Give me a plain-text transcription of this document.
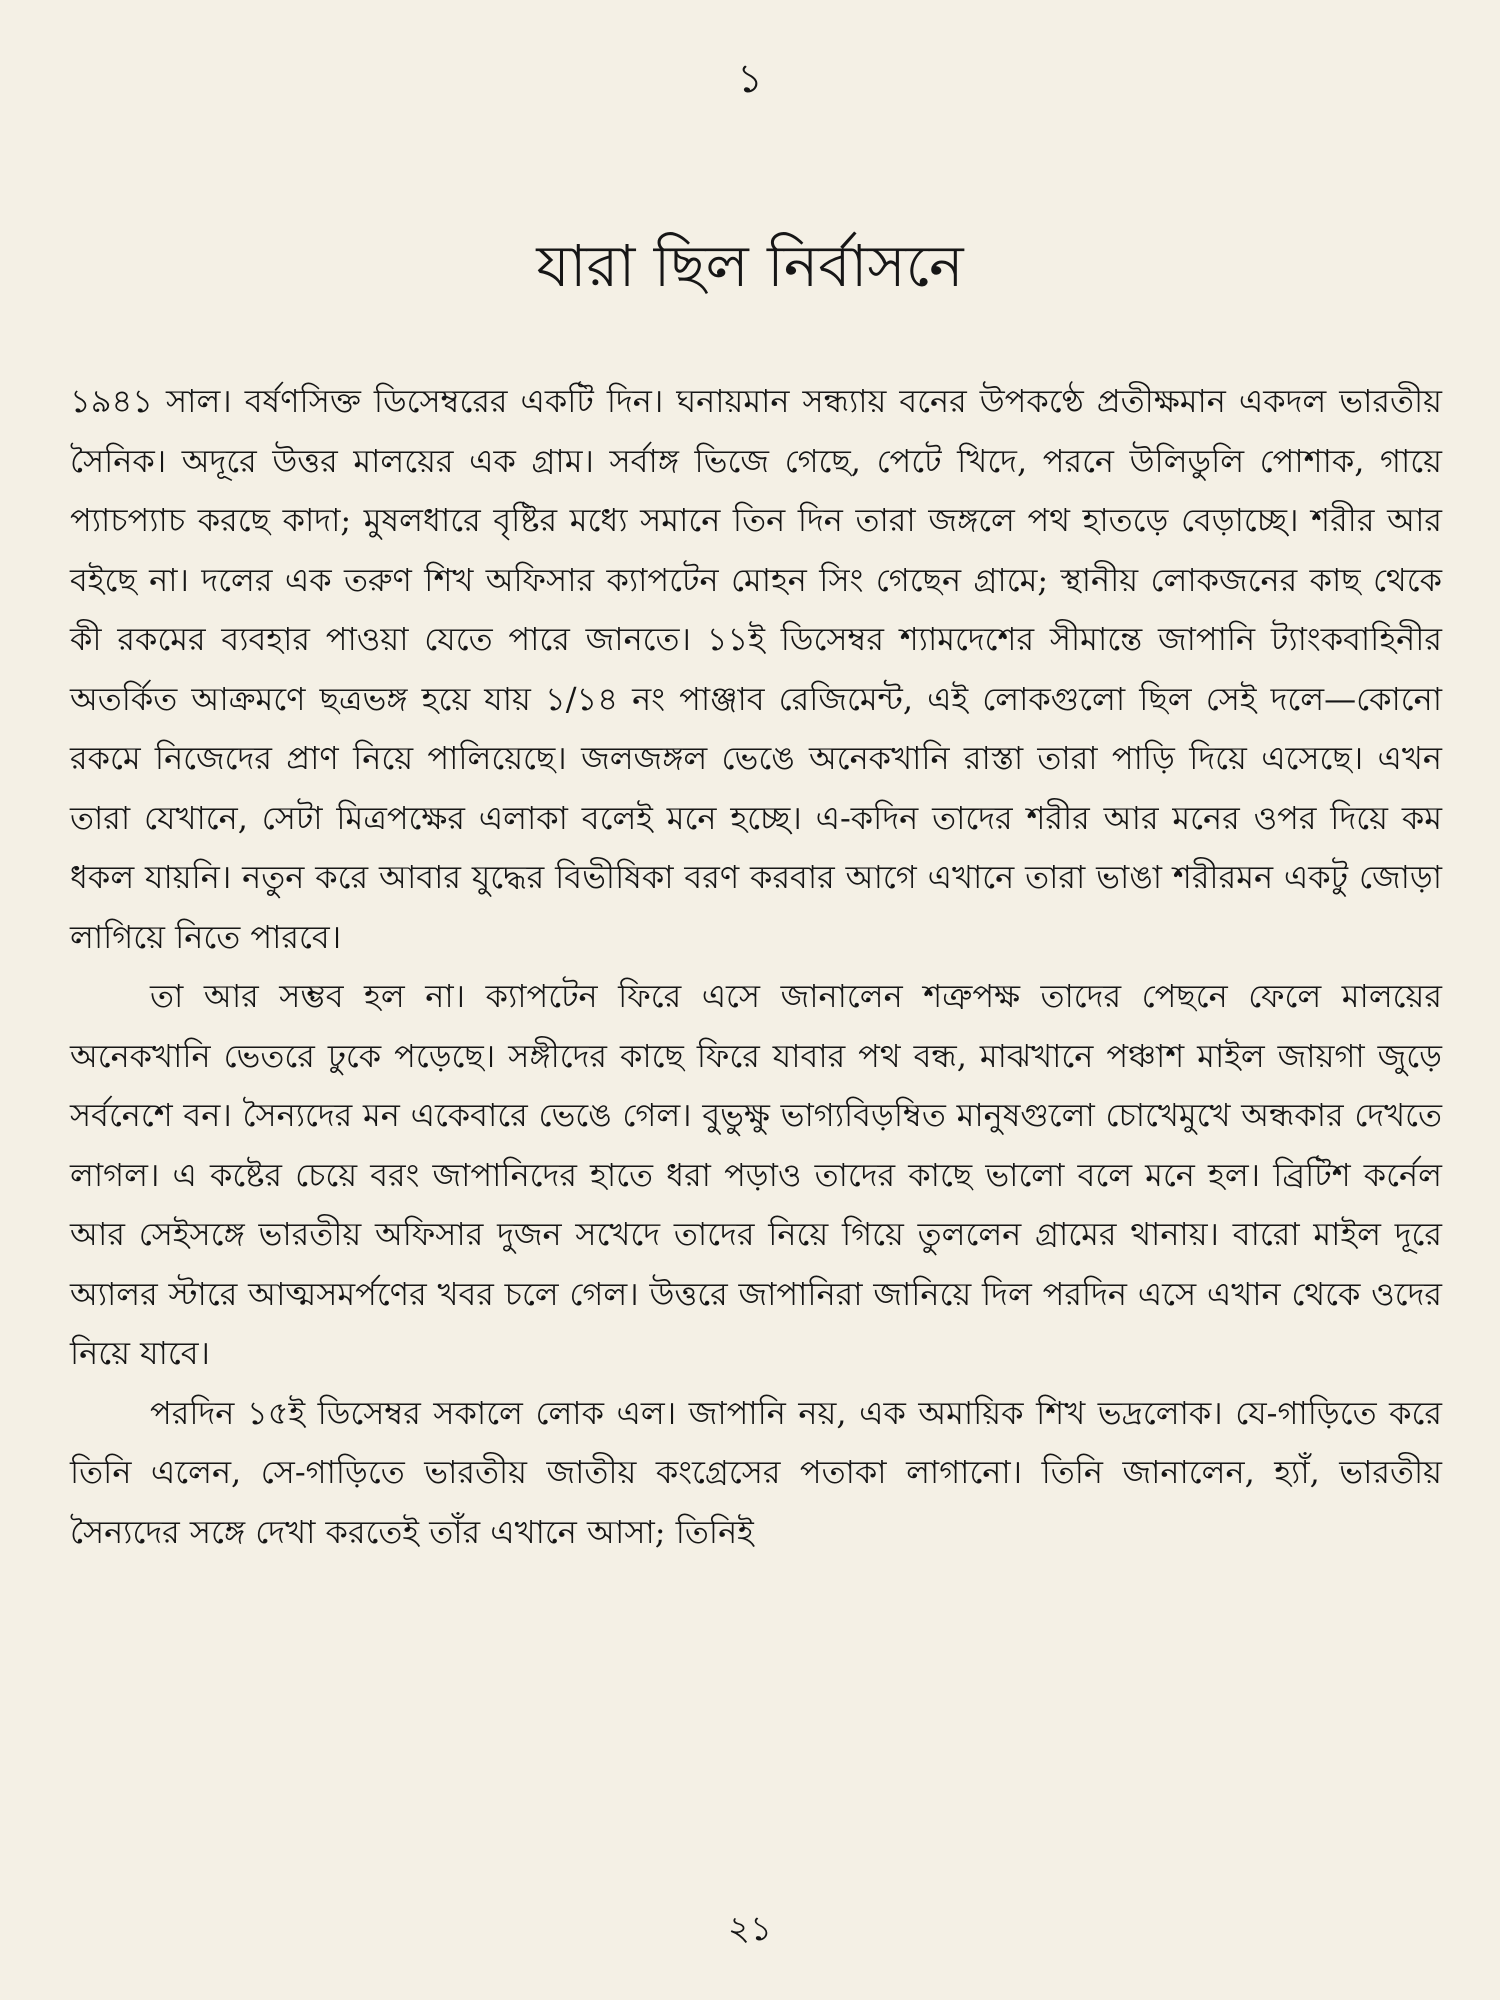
১
যারা ছিল নির্বাসনে

১৯৪১ সাল। বর্ষণসিক্ত ডিসেম্বরের একটি দিন। ঘনায়মান সন্ধ্যায় বনের উপকণ্ঠে প্রতীক্ষমান একদল ভারতীয় সৈনিক। অদূরে উত্তর মালয়ের এক গ্রাম। সর্বাঙ্গ ভিজে গেছে, পেটে খিদে, পরনে উলিডুলি পোশাক, গায়ে প্যাচপ্যাচ করছে কাদা; মুষলধারে বৃষ্টির মধ্যে সমানে তিন দিন তারা জঙ্গলে পথ হাতড়ে বেড়াচ্ছে। শরীর আর বইছে না। দলের এক তরুণ শিখ অফিসার ক্যাপটেন মোহন সিং গেছেন গ্রামে; স্থানীয় লোকজনের কাছ থেকে কী রকমের ব্যবহার পাওয়া যেতে পারে জানতে। ১১ই ডিসেম্বর শ্যামদেশের সীমান্তে জাপানি ট্যাংকবাহিনীর অতর্কিত আক্রমণে ছত্রভঙ্গ হয়ে যায় ১/১৪ নং পাঞ্জাব রেজিমেন্ট, এই লোকগুলো ছিল সেই দলে—কোনো রকমে নিজেদের প্রাণ নিয়ে পালিয়েছে। জলজঙ্গল ভেঙে অনেকখানি রাস্তা তারা পাড়ি দিয়ে এসেছে। এখন তারা যেখানে, সেটা মিত্রপক্ষের এলাকা বলেই মনে হচ্ছে। এ-কদিন তাদের শরীর আর মনের ওপর দিয়ে কম ধকল যায়নি। নতুন করে আবার যুদ্ধের বিভীষিকা বরণ করবার আগে এখানে তারা ভাঙা শরীরমন একটু জোড়া লাগিয়ে নিতে পারবে।

তা আর সম্ভব হল না। ক্যাপটেন ফিরে এসে জানালেন শত্রুপক্ষ তাদের পেছনে ফেলে মালয়ের অনেকখানি ভেতরে ঢুকে পড়েছে। সঙ্গীদের কাছে ফিরে যাবার পথ বন্ধ, মাঝখানে পঞ্চাশ মাইল জায়গা জুড়ে সর্বনেশে বন। সৈন্যদের মন একেবারে ভেঙে গেল। বুভুক্ষু ভাগ্যবিড়ম্বিত মানুষগুলো চোখেমুখে অন্ধকার দেখতে লাগল। এ কষ্টের চেয়ে বরং জাপানিদের হাতে ধরা পড়াও তাদের কাছে ভালো বলে মনে হল। ব্রিটিশ কর্নেল আর সেইসঙ্গে ভারতীয় অফিসার দুজন সখেদে তাদের নিয়ে গিয়ে তুললেন গ্রামের থানায়। বারো মাইল দূরে অ্যালর স্টারে আত্মসমর্পণের খবর চলে গেল। উত্তরে জাপানিরা জানিয়ে দিল পরদিন এসে এখান থেকে ওদের নিয়ে যাবে।

পরদিন ১৫ই ডিসেম্বর সকালে লোক এল। জাপানি নয়, এক অমায়িক শিখ ভদ্রলোক। যে-গাড়িতে করে তিনি এলেন, সে-গাড়িতে ভারতীয় জাতীয় কংগ্রেসের পতাকা লাগানো। তিনি জানালেন, হ্যাঁ, ভারতীয় সৈন্যদের সঙ্গে দেখা করতেই তাঁর এখানে আসা; তিনিই

২১
